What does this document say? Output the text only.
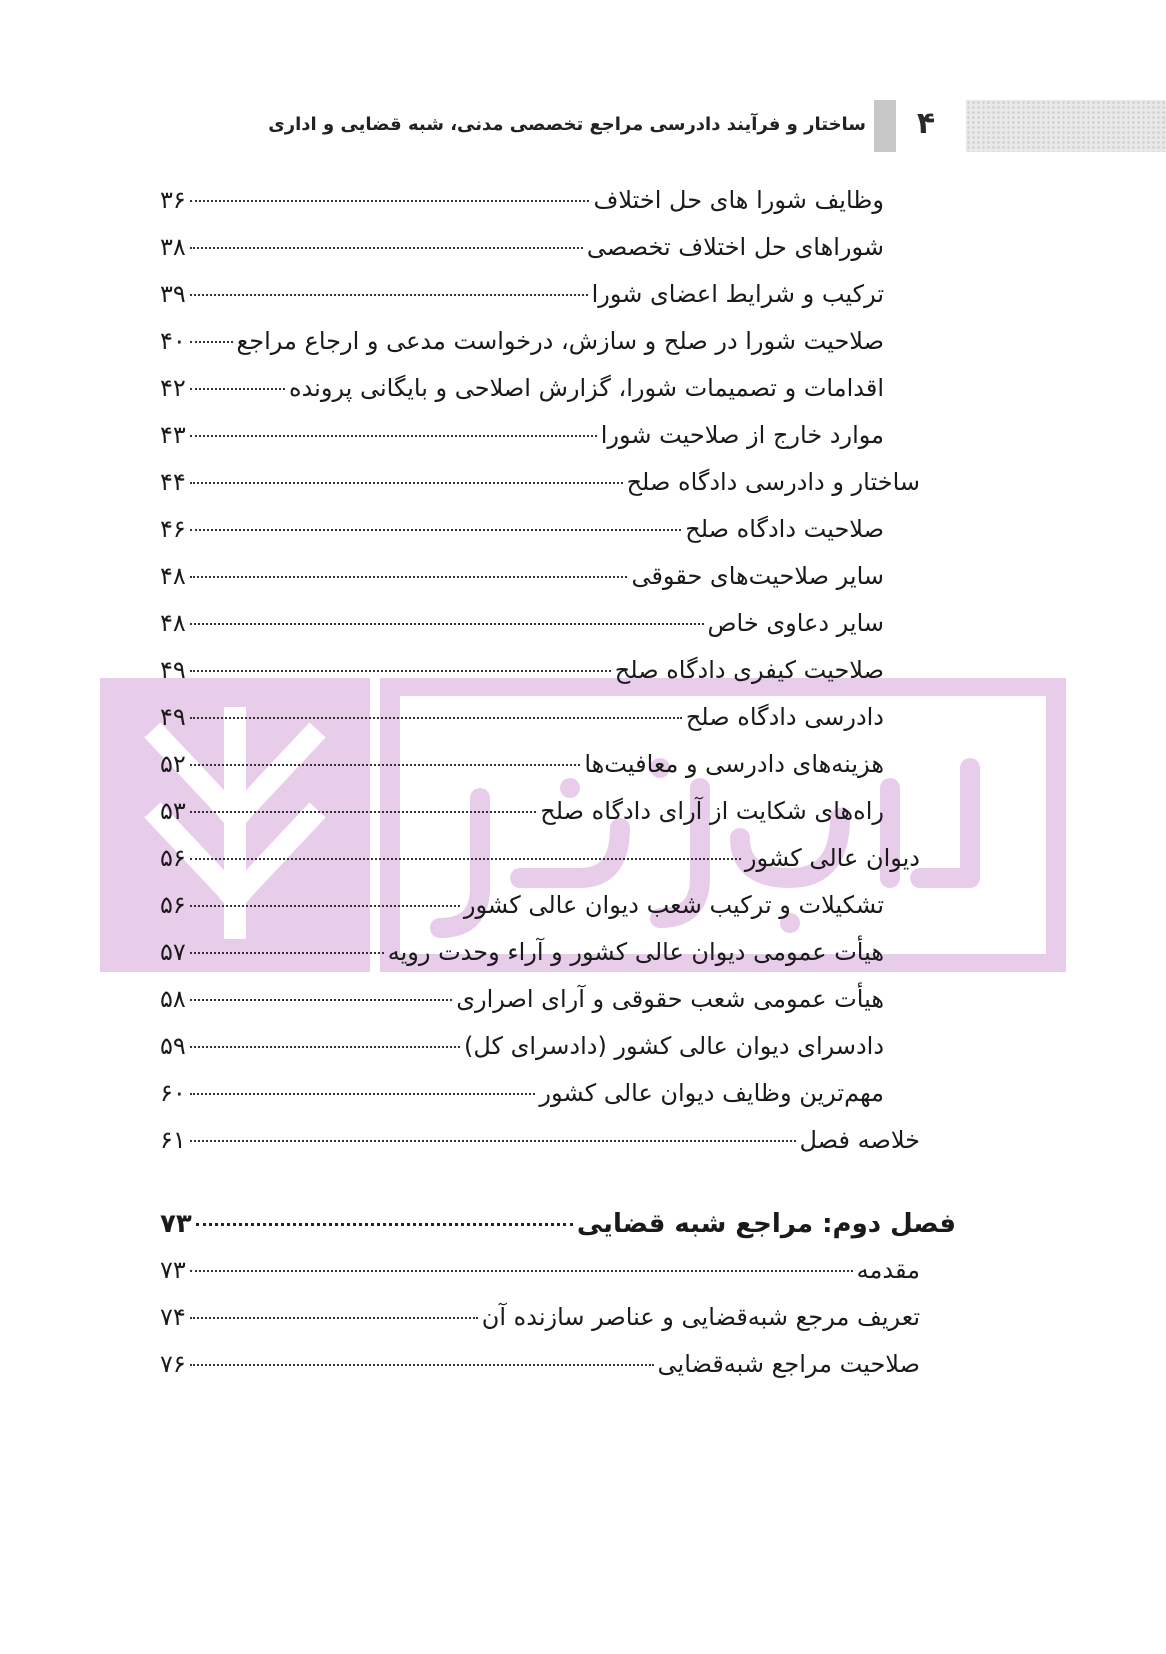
۴
ساختار و فرآیند دادرسی مراجع تخصصی مدنی، شبه قضایی و اداری
وظایف شورا های حل اختلاف
۳۶
شوراهای حل اختلاف تخصصی
۳۸
ترکیب و شرایط اعضای شورا
۳۹
صلاحیت شورا در صلح و سازش، درخواست مدعی و ارجاع مراجع
۴۰
اقدامات و تصمیمات شورا، گزارش اصلاحی و بایگانی پرونده
۴۲
موارد خارج از صلاحیت شورا
۴۳
ساختار و دادرسی دادگاه صلح
۴۴
صلاحیت دادگاه صلح
۴۶
سایر صلاحیت‌های حقوقی
۴۸
سایر دعاوی خاص
۴۸
صلاحیت کیفری دادگاه صلح
۴۹
دادرسی دادگاه صلح
۴۹
هزینه‌های دادرسی و معافیت‌ها
۵۲
راه‌های شکایت از آرای دادگاه صلح
۵۳
دیوان عالی کشور
۵۶
تشکیلات و ترکیب شعب دیوان عالی کشور
۵۶
هیأت عمومی دیوان عالی کشور و آراء وحدت رویه
۵۷
هیأت عمومی شعب حقوقی و آرای اصراری
۵۸
دادسرای دیوان عالی کشور (دادسرای کل)
۵۹
مهم‌ترین وظایف دیوان عالی کشور
۶۰
خلاصه فصل
۶۱
فصل دوم: مراجع شبه قضایی
۷۳
مقدمه
۷۳
تعریف مرجع شبه‌قضایی و عناصر سازنده آن
۷۴
صلاحیت مراجع شبه‌قضایی
۷۶
